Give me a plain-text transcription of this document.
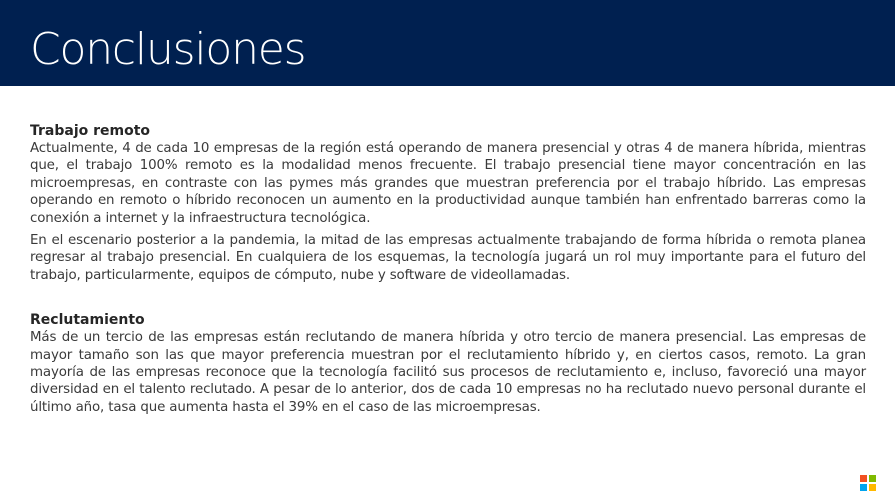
Conclusiones
Trabajo remoto

Actualmente, 4 de cada 10 empresas de la región está operando de manera presencial y otras 4 de manera híbrida, mientras que, el trabajo 100% remoto es la modalidad menos frecuente. El trabajo presencial tiene mayor concentración en las microempresas, en contraste con las pymes más grandes que muestran preferencia por el trabajo híbrido. Las empresas operando en remoto o híbrido reconocen un aumento en la productividad aunque también han enfrentado barreras como la conexión a internet y la infraestructura tecnológica.

En el escenario posterior a la pandemia, la mitad de las empresas actualmente trabajando de forma híbrida o remota planea regresar al trabajo presencial. En cualquiera de los esquemas, la tecnología jugará un rol muy importante para el futuro del trabajo, particularmente, equipos de cómputo, nube y software de videollamadas.

Reclutamiento

Más de un tercio de las empresas están reclutando de manera híbrida y otro tercio de manera presencial. Las empresas de mayor tamaño son las que mayor preferencia muestran por el reclutamiento híbrido y, en ciertos casos, remoto. La gran mayoría de las empresas reconoce que la tecnología facilitó sus procesos de reclutamiento e, incluso, favoreció una mayor diversidad en el talento reclutado. A pesar de lo anterior, dos de cada 10 empresas no ha reclutado nuevo personal durante el último año, tasa que aumenta hasta el 39% en el caso de las microempresas.
